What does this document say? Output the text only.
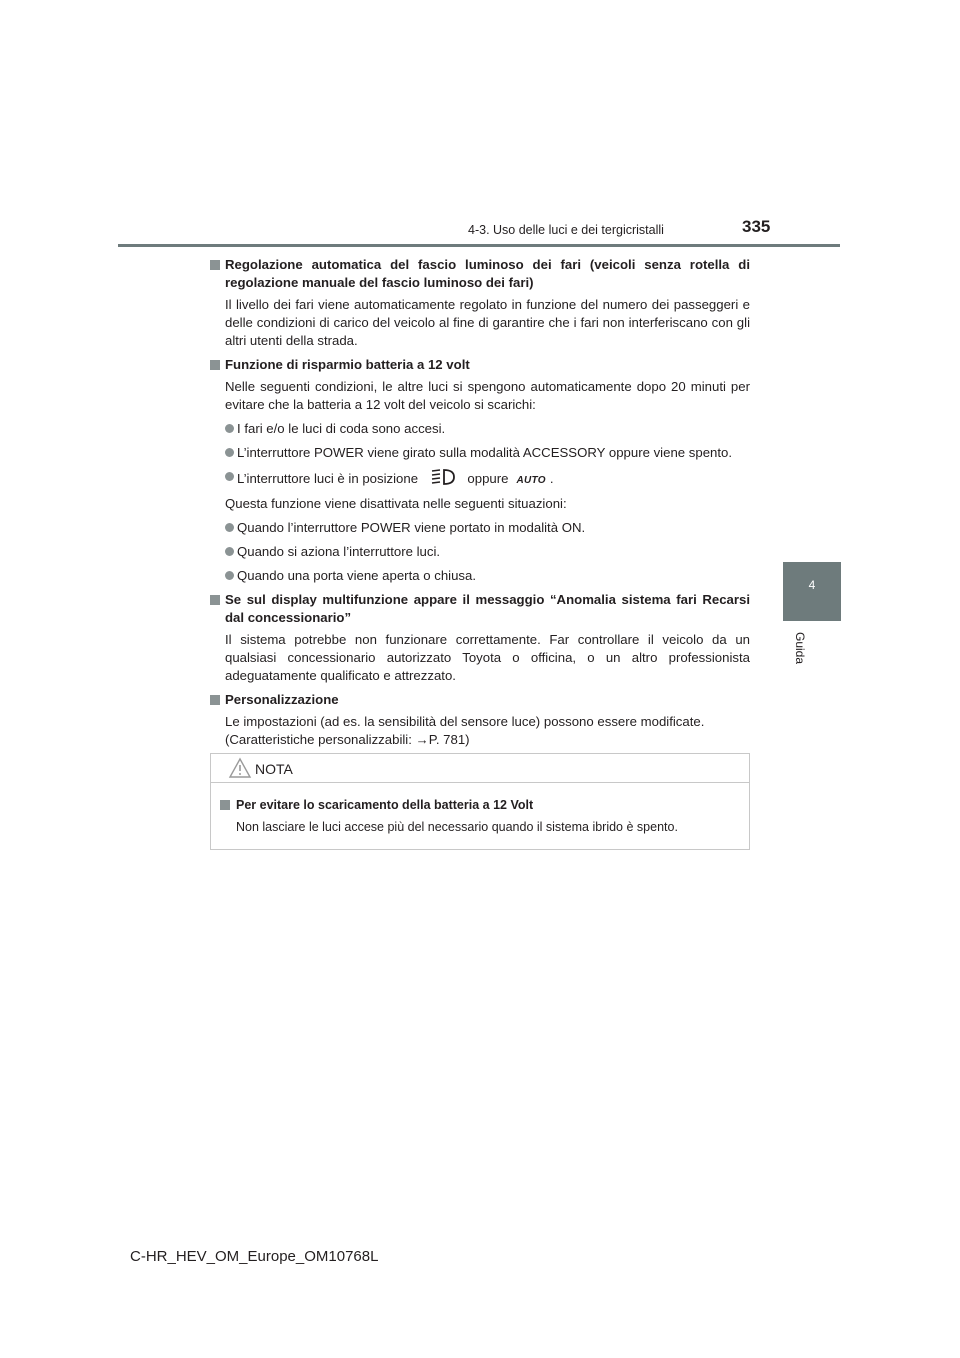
4-3. Uso delle luci e dei tergicristalli	335
4
Guida
Regolazione automatica del fascio luminoso dei fari (veicoli senza rotella di regolazione manuale del fascio luminoso dei fari)
Il livello dei fari viene automaticamente regolato in funzione del numero dei passeggeri e delle condizioni di carico del veicolo al fine di garantire che i fari non interferiscano con gli altri utenti della strada.
Funzione di risparmio batteria a 12 volt
Nelle seguenti condizioni, le altre luci si spengono automaticamente dopo 20 minuti per evitare che la batteria a 12 volt del veicolo si scarichi:
I fari e/o le luci di coda sono accesi.
L’interruttore POWER viene girato sulla modalità ACCESSORY oppure viene spento.
L’interruttore luci è in posizione	oppure AUTO .
Questa funzione viene disattivata nelle seguenti situazioni:
Quando l’interruttore POWER viene portato in modalità ON.
Quando si aziona l’interruttore luci.
Quando una porta viene aperta o chiusa.
Se sul display multifunzione appare il messaggio “Anomalia sistema fari Recarsi dal concessionario”
Il sistema potrebbe non funzionare correttamente. Far controllare il veicolo da un qualsiasi concessionario autorizzato Toyota o officina, o un altro professionista adeguatamente qualificato e attrezzato.
Personalizzazione
Le impostazioni (ad es. la sensibilità del sensore luce) possono essere modificate.
(Caratteristiche personalizzabili: →P. 781)
NOTA
Per evitare lo scaricamento della batteria a 12 Volt
Non lasciare le luci accese più del necessario quando il sistema ibrido è spento.
C-HR_HEV_OM_Europe_OM10768L
